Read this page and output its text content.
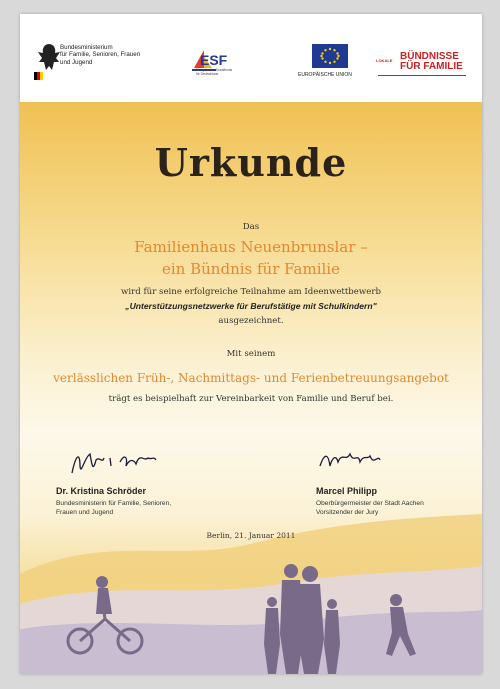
Bundesministerium
für Familie, Senioren, Frauen
und Jugend	ESF
Europäischer Sozialfonds
für Deutschland	EUROPÄISCHE UNION
LOKALE BÜNDNISSE
FÜR FAMILIE
Urkunde
Das
Familienhaus Neuenbrunslar –
ein Bündnis für Familie
wird für seine erfolgreiche Teilnahme am Ideenwettbewerb
„Unterstützungsnetzwerke für Berufstätige mit Schulkindern"
ausgezeichnet.
Mit seinem
verlässlichen Früh-, Nachmittags- und Ferienbetreuungsangebot
trägt es beispielhaft zur Vereinbarkeit von Familie und Beruf bei.
Dr. Kristina Schröder
Bundesministerin für Familie, Senioren,
Frauen und Jugend
Marcel Philipp
Oberbürgermeister der Stadt Aachen
Vorsitzender der Jury
Berlin, 21. Januar 2011
